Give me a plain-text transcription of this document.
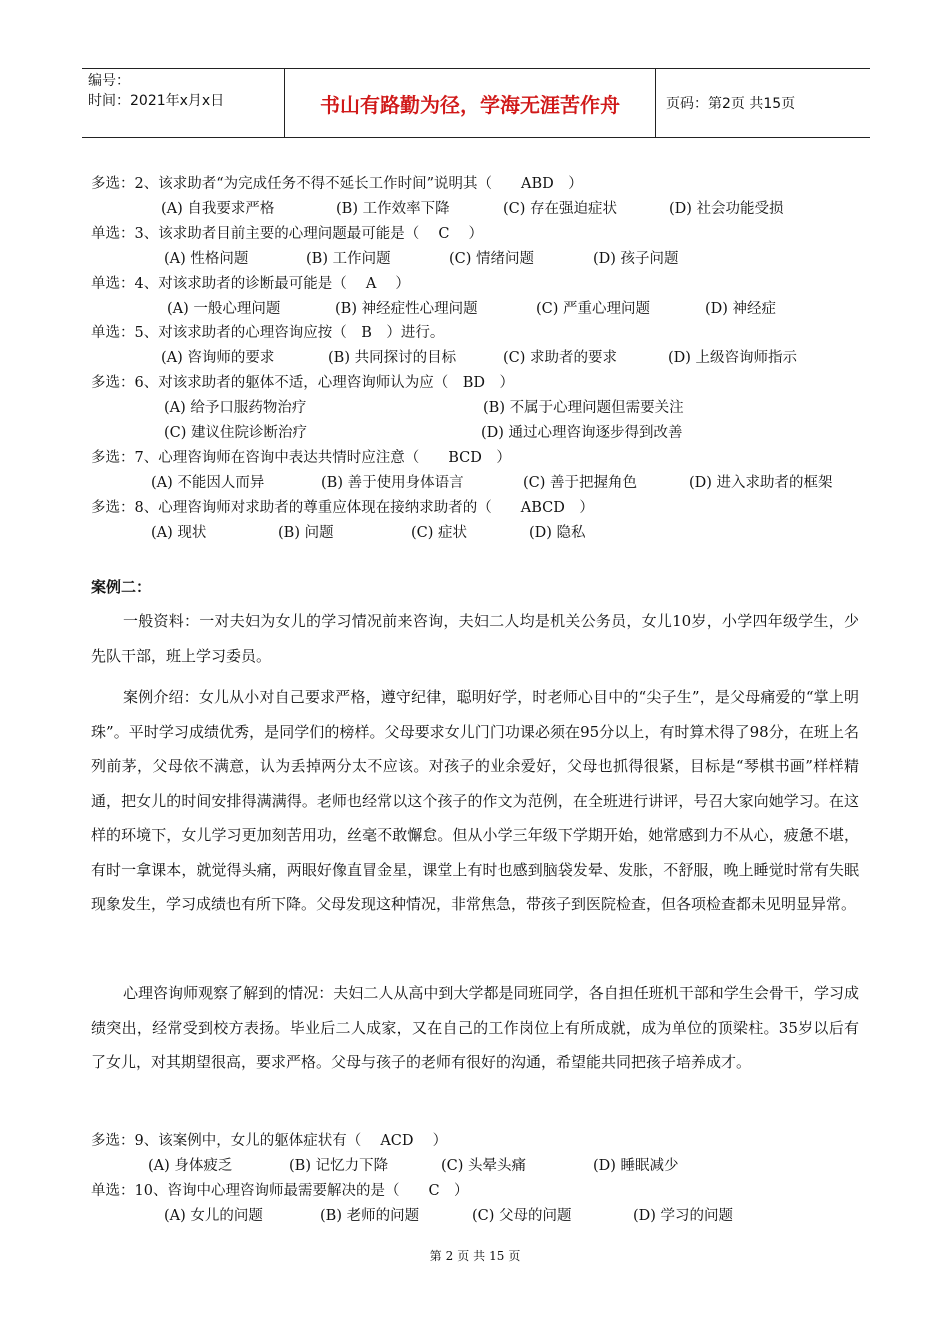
编号：
时间：2021年x月x日	书山有路勤为径，学海无涯苦作舟	页码：第2页 共15页
多选：2、该求助者“为完成任务不得不延长工作时间”说明其（　　ABD　）
(A) 自我要求严格	(B) 工作效率下降	(C) 存在强迫症状	(D) 社会功能受损
单选：3、该求助者目前主要的心理问题最可能是（　 C　 ）
(A) 性格问题	(B) 工作问题	(C) 情绪问题	(D) 孩子问题
单选：4、对该求助者的诊断最可能是（　 A　 ）
(A) 一般心理问题	(B) 神经症性心理问题	(C) 严重心理问题	(D) 神经症
单选：5、对该求助者的心理咨询应按（　B　）进行。
(A) 咨询师的要求	(B) 共同探讨的目标	(C) 求助者的要求	(D) 上级咨询师指示
多选：6、对该求助者的躯体不适，心理咨询师认为应（　BD　）
(A) 给予口服药物治疗	(B) 不属于心理问题但需要关注
(C) 建议住院诊断治疗	(D) 通过心理咨询逐步得到改善
多选：7、心理咨询师在咨询中表达共情时应注意（　　BCD　）
(A) 不能因人而异	(B) 善于使用身体语言	(C) 善于把握角色	(D) 进入求助者的框架
多选：8、心理咨询师对求助者的尊重应体现在接纳求助者的（　　ABCD　）
(A) 现状	(B) 问题	(C) 症状	(D) 隐私
案例二：
一般资料：一对夫妇为女儿的学习情况前来咨询，夫妇二人均是机关公务员，女儿10岁，小学四年级学生，少先队干部，班上学习委员。
案例介绍：女儿从小对自己要求严格，遵守纪律，聪明好学，时老师心目中的“尖子生”，是父母痛爱的“掌上明珠”。平时学习成绩优秀，是同学们的榜样。父母要求女儿门门功课必须在95分以上，有时算术得了98分，在班上名列前茅，父母依不满意，认为丢掉两分太不应该。对孩子的业余爱好，父母也抓得很紧，目标是“琴棋书画”样样精通，把女儿的时间安排得满满得。老师也经常以这个孩子的作文为范例，在全班进行讲评，号召大家向她学习。在这样的环境下，女儿学习更加刻苦用功，丝毫不敢懈怠。但从小学三年级下学期开始，她常感到力不从心，疲惫不堪，有时一拿课本，就觉得头痛，两眼好像直冒金星，课堂上有时也感到脑袋发晕、发胀，不舒服，晚上睡觉时常有失眠现象发生，学习成绩也有所下降。父母发现这种情况，非常焦急，带孩子到医院检查，但各项检查都未见明显异常。
心理咨询师观察了解到的情况：夫妇二人从高中到大学都是同班同学，各自担任班机干部和学生会骨干，学习成绩突出，经常受到校方表扬。毕业后二人成家，又在自己的工作岗位上有所成就，成为单位的顶梁柱。35岁以后有了女儿，对其期望很高，要求严格。父母与孩子的老师有很好的沟通，希望能共同把孩子培养成才。
多选：9、该案例中，女儿的躯体症状有（　 ACD　 ）
(A) 身体疲乏	(B) 记忆力下降	(C) 头晕头痛	(D) 睡眠减少
单选：10、咨询中心理咨询师最需要解决的是（　　C　）
(A) 女儿的问题	(B) 老师的问题	(C) 父母的问题	(D) 学习的问题
第 2 页 共 15 页
